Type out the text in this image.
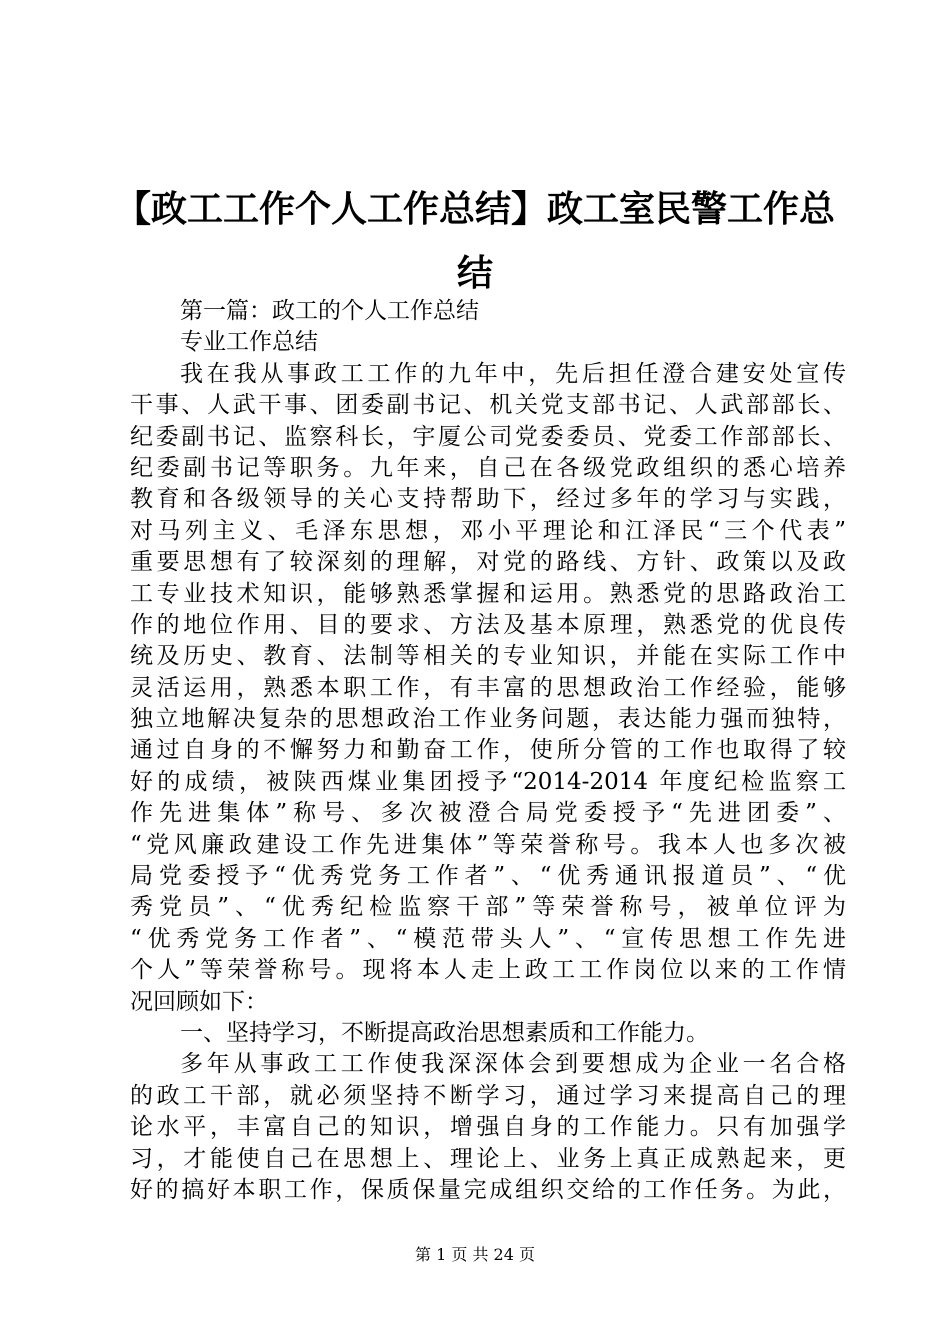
【政工工作个人工作总结】政工室民警工作总
结
第一篇：政工的个人工作总结
专业工作总结
我在我从事政工工作的九年中，先后担任澄合建安处宣传
干事、人武干事、团委副书记、机关党支部书记、人武部部长、
纪委副书记、监察科长，宇厦公司党委委员、党委工作部部长、
纪委副书记等职务。九年来，自己在各级党政组织的悉心培养
教育和各级领导的关心支持帮助下，经过多年的学习与实践，
对马列主义、毛泽东思想，邓小平理论和江泽民“三个代表”
重要思想有了较深刻的理解，对党的路线、方针、政策以及政
工专业技术知识，能够熟悉掌握和运用。熟悉党的思路政治工
作的地位作用、目的要求、方法及基本原理，熟悉党的优良传
统及历史、教育、法制等相关的专业知识，并能在实际工作中
灵活运用，熟悉本职工作，有丰富的思想政治工作经验，能够
独立地解决复杂的思想政治工作业务问题，表达能力强而独特，
通过自身的不懈努力和勤奋工作，使所分管的工作也取得了较
好的成绩，被陕西煤业集团授予“2014-2014 年度纪检监察工
作先进集体”称号、多次被澄合局党委授予“先进团委”、
“党风廉政建设工作先进集体”等荣誉称号。我本人也多次被
局党委授予“优秀党务工作者”、“优秀通讯报道员”、“优
秀党员”、“优秀纪检监察干部”等荣誉称号，被单位评为
“优秀党务工作者”、“模范带头人”、“宣传思想工作先进
个人”等荣誉称号。现将本人走上政工工作岗位以来的工作情
况回顾如下：
一、坚持学习，不断提高政治思想素质和工作能力。
多年从事政工工作使我深深体会到要想成为企业一名合格
的政工干部，就必须坚持不断学习，通过学习来提高自己的理
论水平，丰富自己的知识，增强自身的工作能力。只有加强学
习，才能使自己在思想上、理论上、业务上真正成熟起来，更
好的搞好本职工作，保质保量完成组织交给的工作任务。为此，
第 1 页 共 24 页
